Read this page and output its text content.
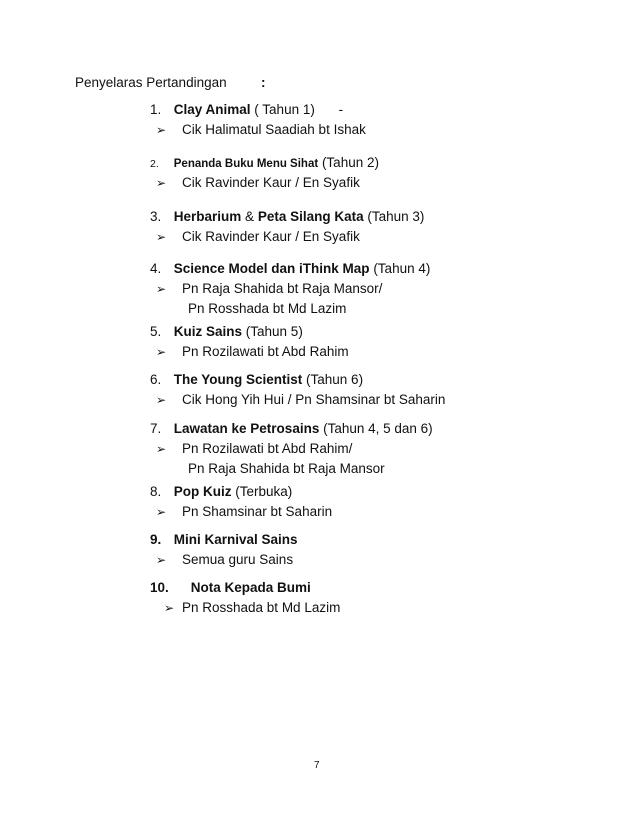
Penyelaras Pertandingan	:
1. Clay Animal ( Tahun 1) -
➢ Cik Halimatul Saadiah bt Ishak
2. Penanda Buku Menu Sihat (Tahun 2)
➢ Cik Ravinder Kaur / En Syafik
3. Herbarium & Peta Silang Kata (Tahun 3)
➢ Cik Ravinder Kaur / En Syafik
4. Science Model dan iThink Map (Tahun 4)
➢ Pn Raja Shahida bt Raja Mansor/
Pn Rosshada bt Md Lazim
5. Kuiz Sains (Tahun 5)
➢ Pn Rozilawati bt Abd Rahim
6. The Young Scientist (Tahun 6)
➢ Cik Hong Yih Hui / Pn Shamsinar bt Saharin
7. Lawatan ke Petrosains (Tahun 4, 5 dan 6)
➢ Pn Rozilawati bt Abd Rahim/
Pn Raja Shahida bt Raja Mansor
8. Pop Kuiz (Terbuka)
➢ Pn Shamsinar bt Saharin
9. Mini Karnival Sains
➢ Semua guru Sains
10. Nota Kepada Bumi
➢ Pn Rosshada bt Md Lazim
7
